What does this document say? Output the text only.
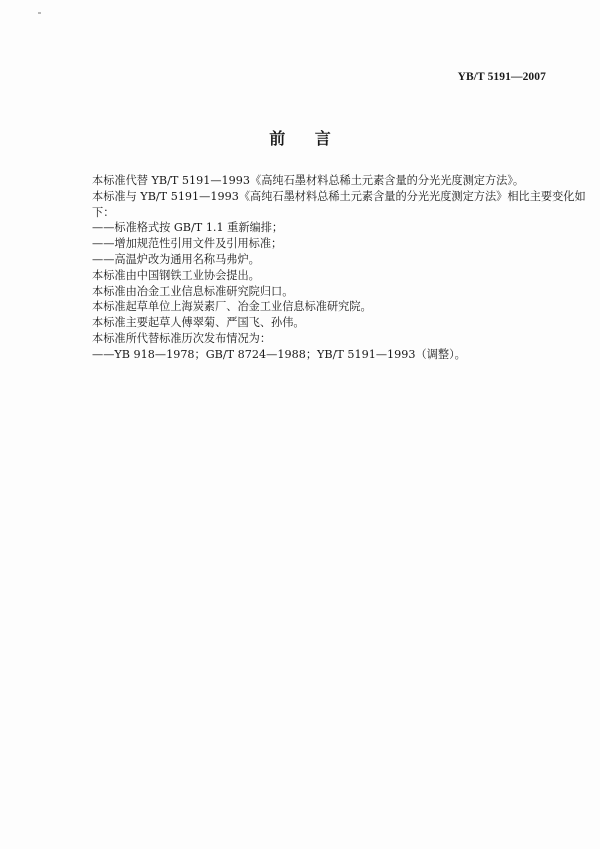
YB/T 5191—2007
前 言
本标准代替 YB/T 5191—1993《高纯石墨材料总稀土元素含量的分光光度测定方法》。
本标准与 YB/T 5191—1993《高纯石墨材料总稀土元素含量的分光光度测定方法》相比主要变化如
下：
——标准格式按 GB/T 1.1 重新编排；
——增加规范性引用文件及引用标准；
——高温炉改为通用名称马弗炉。
本标准由中国钢铁工业协会提出。
本标准由冶金工业信息标准研究院归口。
本标准起草单位上海炭素厂、冶金工业信息标准研究院。
本标准主要起草人傅翠菊、严国飞、孙伟。
本标准所代替标准历次发布情况为：
——YB 918—1978；GB/T 8724—1988；YB/T 5191—1993（调整）。
